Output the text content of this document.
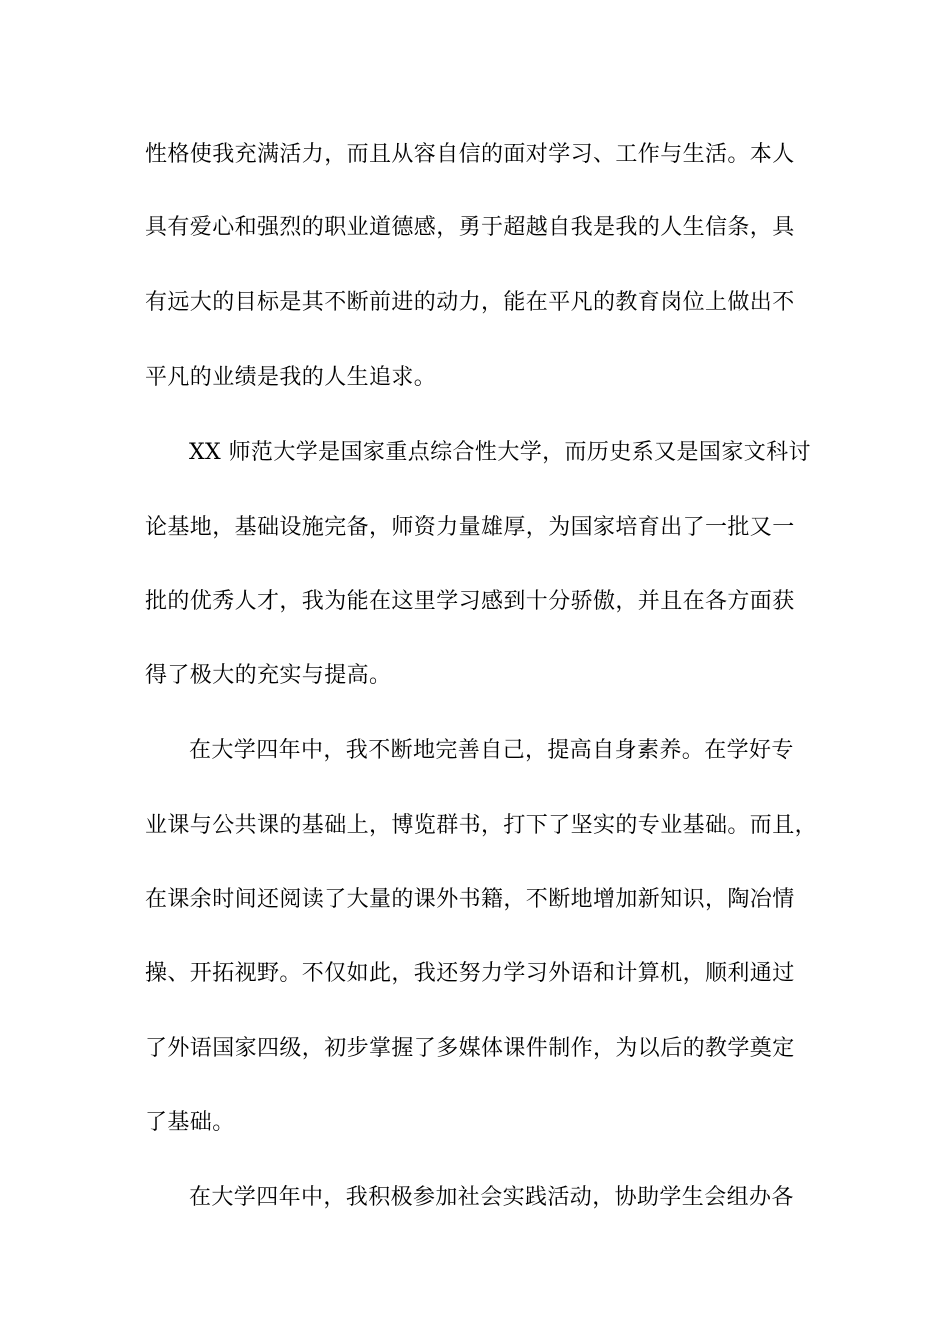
性格使我充满活力，而且从容自信的面对学习、工作与生活。本人
具有爱心和强烈的职业道德感，勇于超越自我是我的人生信条，具
有远大的目标是其不断前进的动力，能在平凡的教育岗位上做出不
平凡的业绩是我的人生追求。
XX 师范大学是国家重点综合性大学，而历史系又是国家文科讨
论基地，基础设施完备，师资力量雄厚，为国家培育出了一批又一
批的优秀人才，我为能在这里学习感到十分骄傲，并且在各方面获
得了极大的充实与提高。
在大学四年中，我不断地完善自己，提高自身素养。在学好专
业课与公共课的基础上，博览群书，打下了坚实的专业基础。而且，
在课余时间还阅读了大量的课外书籍，不断地增加新知识，陶冶情
操、开拓视野。不仅如此，我还努力学习外语和计算机，顺利通过
了外语国家四级，初步掌握了多媒体课件制作，为以后的教学奠定
了基础。
在大学四年中，我积极参加社会实践活动，协助学生会组办各
